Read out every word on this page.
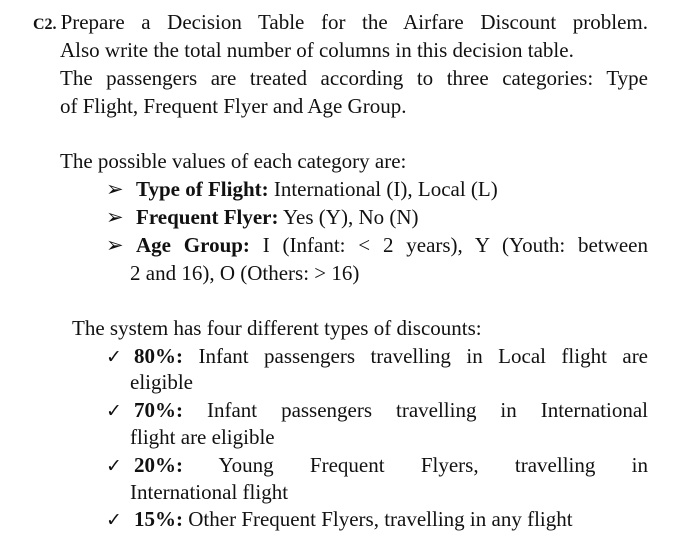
C2. Prepare a Decision Table for the Airfare Discount problem.
Also write the total number of columns in this decision table.
The passengers are treated according to three categories: Type
of Flight, Frequent Flyer and Age Group.
The possible values of each category are:
➢ Type of Flight: International (I), Local (L)
➢ Frequent Flyer: Yes (Y), No (N)
➢ Age Group: I (Infant: < 2 years), Y (Youth: between
2 and 16), O (Others: > 16)
The system has four different types of discounts:
✓ 80%: Infant passengers travelling in Local flight are
eligible
✓ 70%: Infant passengers travelling in International
flight are eligible
✓ 20%: Young Frequent Flyers, travelling in
International flight
✓ 15%: Other Frequent Flyers, travelling in any flight
